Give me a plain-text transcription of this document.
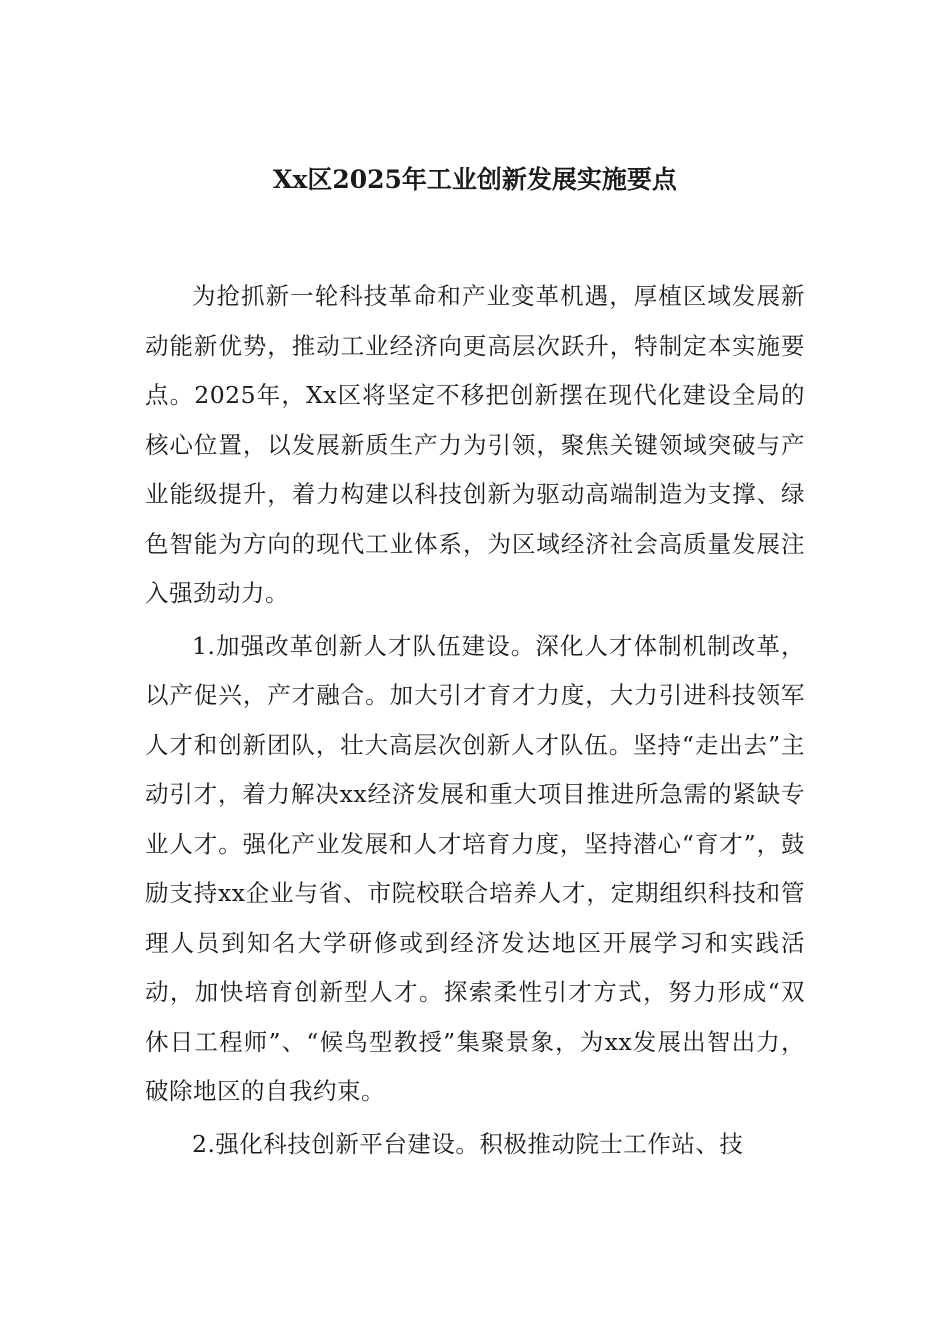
Xx区2025年工业创新发展实施要点

为抢抓新一轮科技革命和产业变革机遇，厚植区域发展新动能新优势，推动工业经济向更高层次跃升，特制定本实施要点。2025年，Xx区将坚定不移把创新摆在现代化建设全局的核心位置，以发展新质生产力为引领，聚焦关键领域突破与产业能级提升，着力构建以科技创新为驱动高端制造为支撑、绿色智能为方向的现代工业体系，为区域经济社会高质量发展注入强劲动力。

1.加强改革创新人才队伍建设。深化人才体制机制改革，以产促兴，产才融合。加大引才育才力度，大力引进科技领军人才和创新团队，壮大高层次创新人才队伍。坚持“走出去”主动引才，着力解决xx经济发展和重大项目推进所急需的紧缺专业人才。强化产业发展和人才培育力度，坚持潜心“育才”，鼓励支持xx企业与省、市院校联合培养人才，定期组织科技和管理人员到知名大学研修或到经济发达地区开展学习和实践活动，加快培育创新型人才。探索柔性引才方式，努力形成“双休日工程师”、“候鸟型教授”集聚景象，为xx发展出智出力，破除地区的自我约束。

2.强化科技创新平台建设。积极推动院士工作站、技
